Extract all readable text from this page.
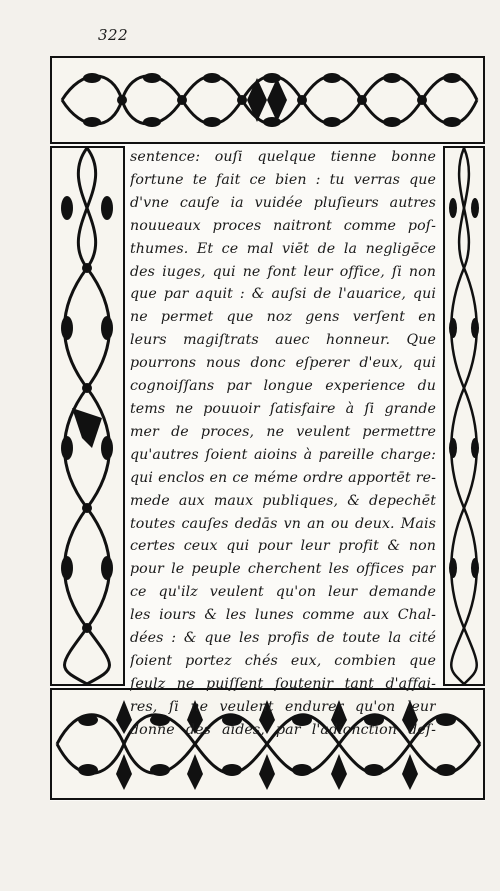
322
sentence: ouſi quelque tienne bonne
fortune te fait ce bien : tu verras que
d'vne cauſe ia vuidée pluſieurs autres
nouueaux proces naitront comme poſ-
thumes. Et ce mal viēt de la negligēce
des iuges, qui ne font leur office, ſi non
que par aquit : & auſsi de l'auarice, qui
ne permet que noz gens verſent en
leurs magiſtrats auec honneur. Que
pourrons nous donc eſperer d'eux, qui
cognoiſſans par longue experience du
tems ne pouuoir ſatisfaire à ſi grande
mer de proces, ne veulent permettre
qu'autres ſoient aioins à pareille charge:
qui enclos en ce méme ordre apportēt re-
mede aux maux publiques, & depechēt
toutes cauſes dedās vn an ou deux. Mais
certes ceux qui pour leur profit & non
pour le peuple cherchent les offices par
ce qu'ilz veulent qu'on leur demande
les iours & les lunes comme aux Chal-
dées : & que les profis de toute la cité
ſoient portez chés eux, combien que
ſeulz ne puiſſent ſoutenir tant d'affai-
res, ſi ne veulent endurer qu'on leur
donne des aides, par l'adionction deſ-
